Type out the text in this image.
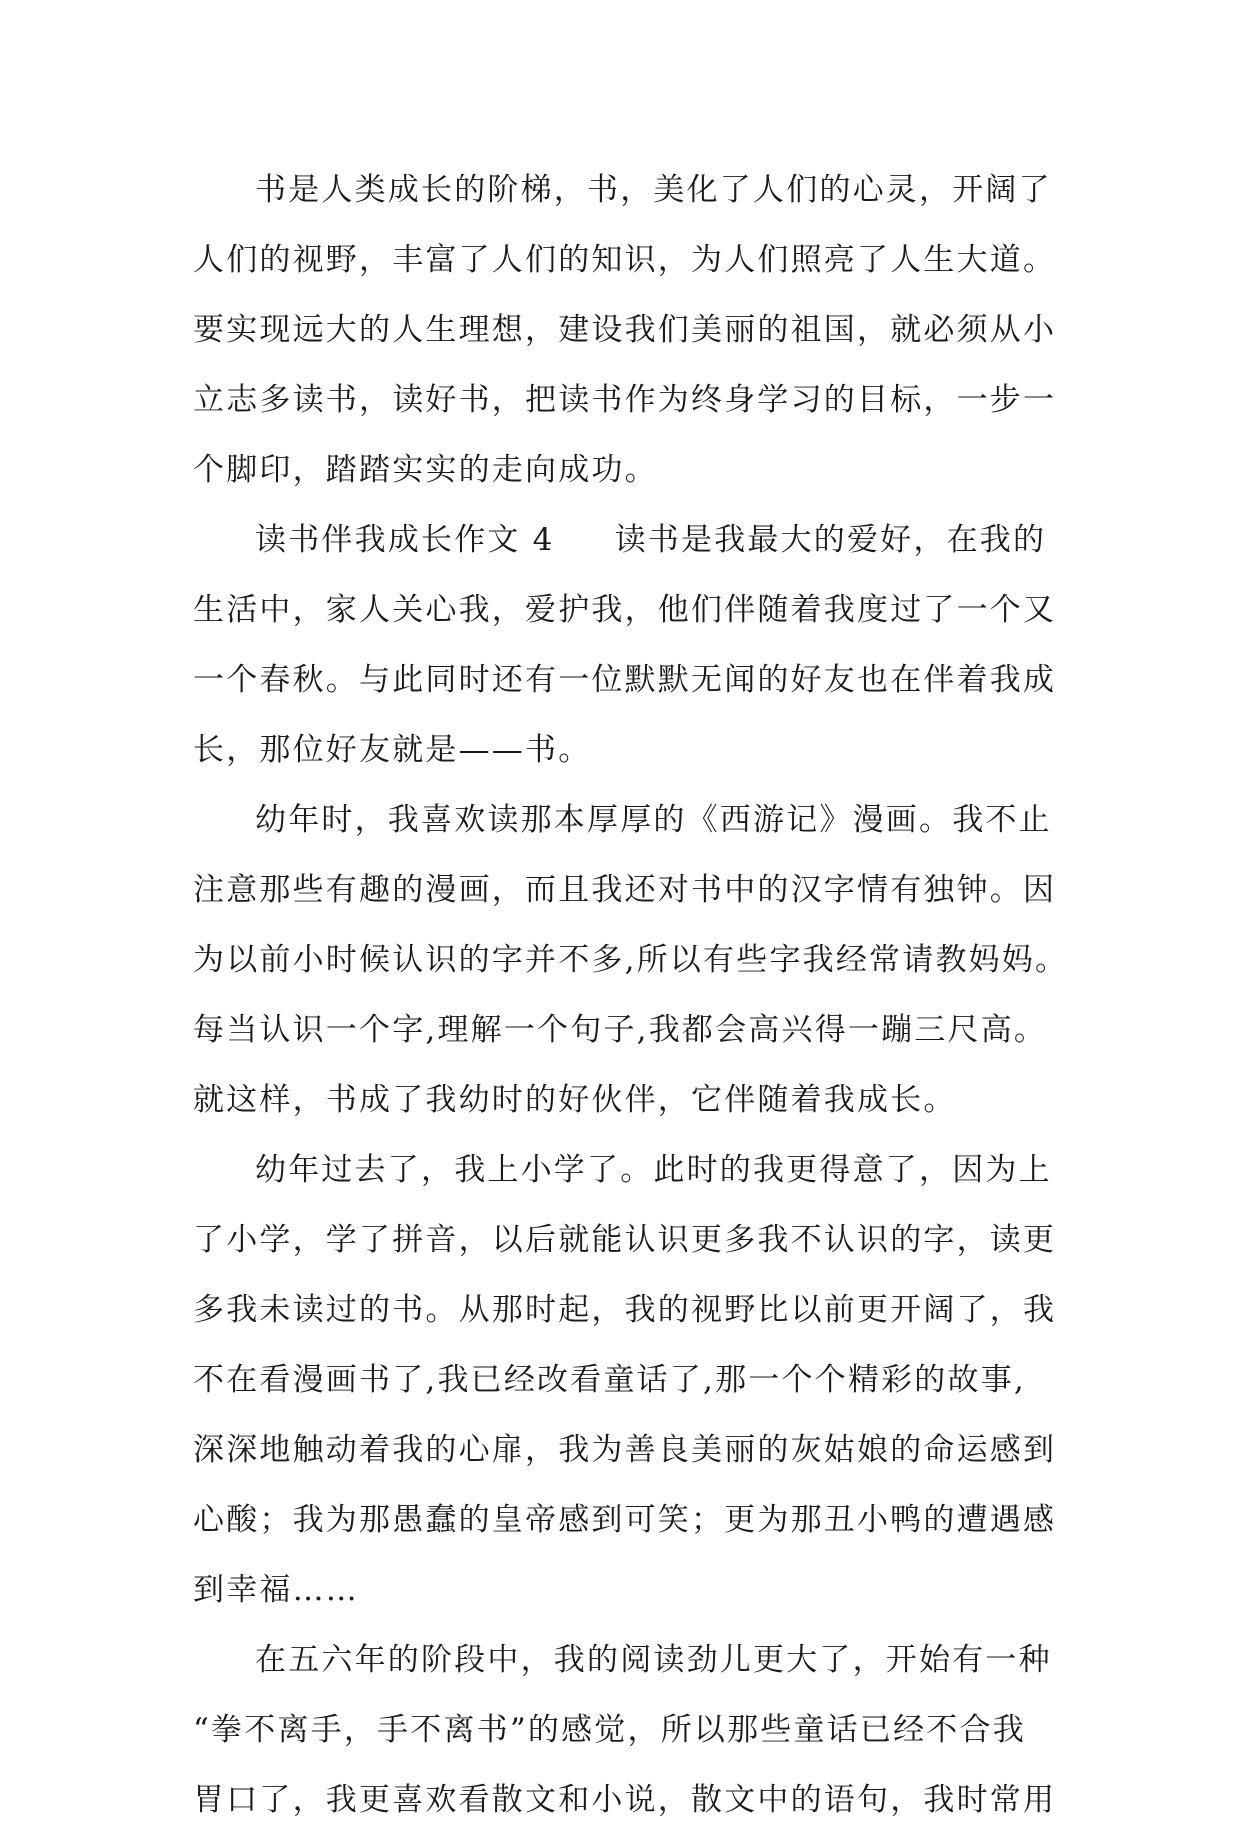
书是人类成长的阶梯，书，美化了人们的心灵，开阔了
人们的视野，丰富了人们的知识，为人们照亮了人生大道。
要实现远大的人生理想，建设我们美丽的祖国，就必须从小
立志多读书，读好书，把读书作为终身学习的目标，一步一
个脚印，踏踏实实的走向成功。
读书伴我成长作文 4 读书是我最大的爱好，在我的
生活中，家人关心我，爱护我，他们伴随着我度过了一个又
一个春秋。与此同时还有一位默默无闻的好友也在伴着我成
长，那位好友就是——书。
幼年时，我喜欢读那本厚厚的《西游记》漫画。我不止
注意那些有趣的漫画，而且我还对书中的汉字情有独钟。因
为以前小时候认识的字并不多,所以有些字我经常请教妈妈。
每当认识一个字,理解一个句子,我都会高兴得一蹦三尺高。
就这样，书成了我幼时的好伙伴，它伴随着我成长。
幼年过去了，我上小学了。此时的我更得意了，因为上
了小学，学了拼音，以后就能认识更多我不认识的字，读更
多我未读过的书。从那时起，我的视野比以前更开阔了，我
不在看漫画书了,我已经改看童话了,那一个个精彩的故事,
深深地触动着我的心扉，我为善良美丽的灰姑娘的命运感到
心酸；我为那愚蠢的皇帝感到可笑；更为那丑小鸭的遭遇感
到幸福……
在五六年的阶段中，我的阅读劲儿更大了，开始有一种
“拳不离手，手不离书”的感觉，所以那些童话已经不合我
胃口了，我更喜欢看散文和小说，散文中的语句，我时常用
